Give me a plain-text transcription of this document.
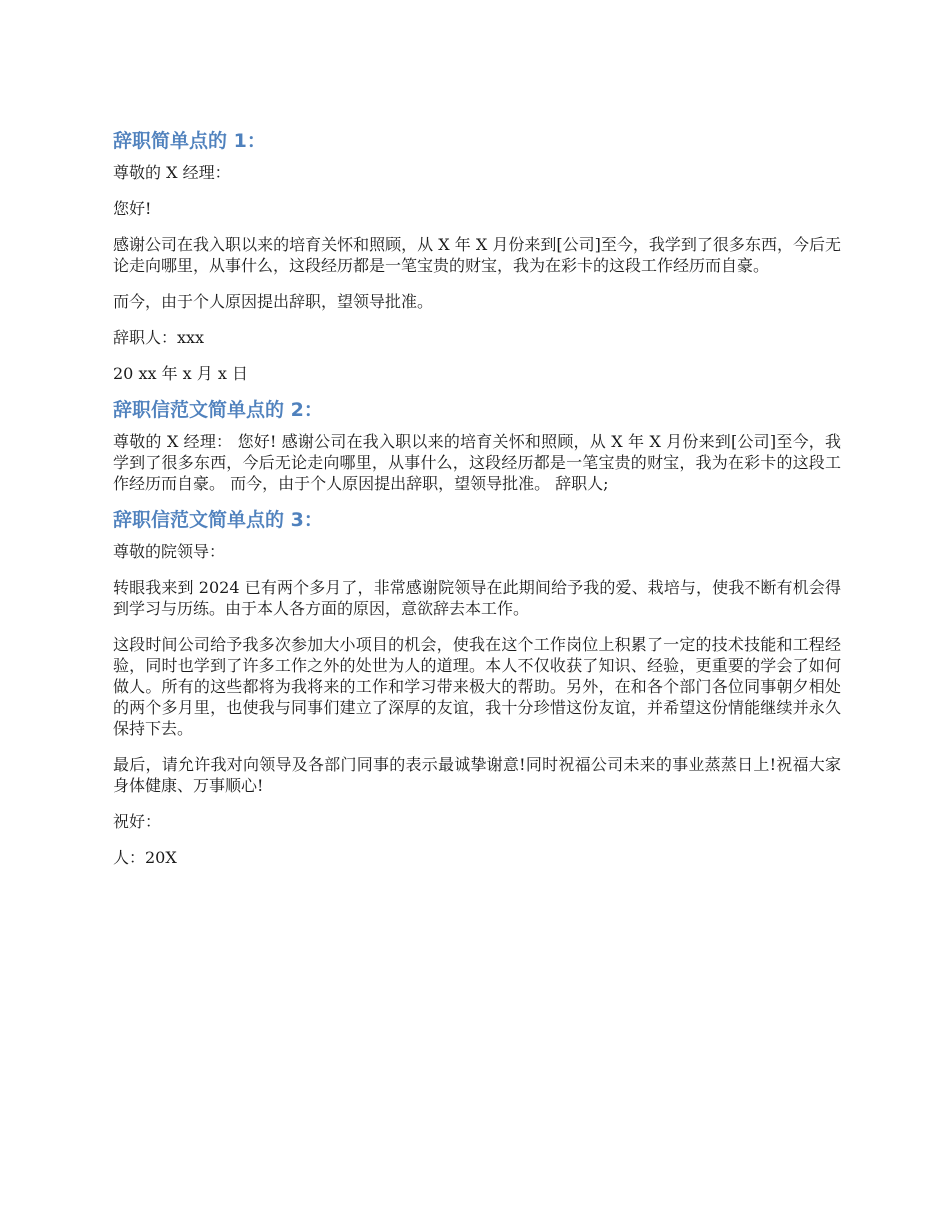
辞职简单点的 1：

尊敬的 X 经理：

您好!

感谢公司在我入职以来的培育关怀和照顾，从 X 年 X 月份来到[公司]至今，我学到了很多东西，今后无论走向哪里，从事什么，这段经历都是一笔宝贵的财宝，我为在彩卡的这段工作经历而自豪。

而今，由于个人原因提出辞职，望领导批准。

辞职人：xxx

20 xx 年 x 月 x 日

辞职信范文简单点的 2：

尊敬的 X 经理： 您好! 感谢公司在我入职以来的培育关怀和照顾，从 X 年 X 月份来到[公司]至今，我学到了很多东西，今后无论走向哪里，从事什么，这段经历都是一笔宝贵的财宝，我为在彩卡的这段工作经历而自豪。 而今，由于个人原因提出辞职，望领导批准。 辞职人;

辞职信范文简单点的 3：

尊敬的院领导：

转眼我来到 2024 已有两个多月了，非常感谢院领导在此期间给予我的爱、栽培与，使我不断有机会得到学习与历练。由于本人各方面的原因，意欲辞去本工作。

这段时间公司给予我多次参加大小项目的机会，使我在这个工作岗位上积累了一定的技术技能和工程经验，同时也学到了许多工作之外的处世为人的道理。本人不仅收获了知识、经验，更重要的学会了如何做人。所有的这些都将为我将来的工作和学习带来极大的帮助。另外，在和各个部门各位同事朝夕相处的两个多月里，也使我与同事们建立了深厚的友谊，我十分珍惜这份友谊，并希望这份情能继续并永久保持下去。

最后，请允许我对向领导及各部门同事的表示最诚挚谢意!同时祝福公司未来的事业蒸蒸日上!祝福大家身体健康、万事顺心!

祝好：

人：20X
